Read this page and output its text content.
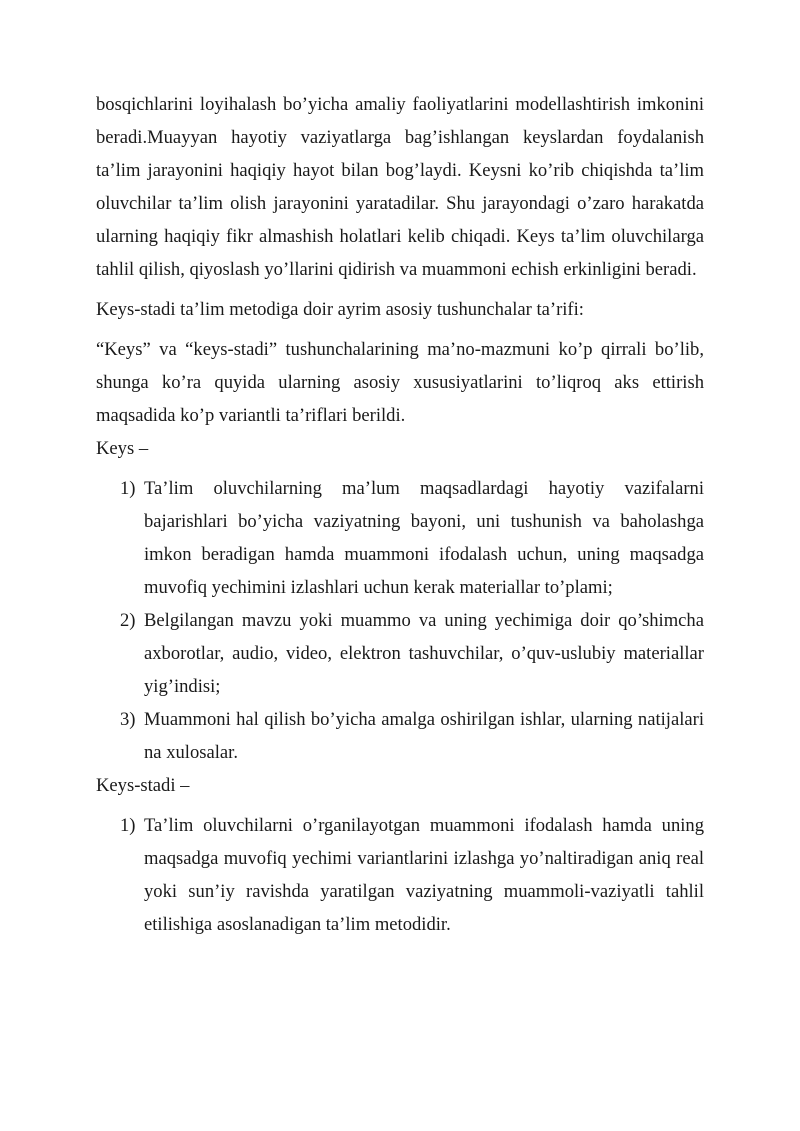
bosqichlarini loyihalash bo’yicha amaliy faoliyatlarini modellashtirish imkonini beradi.Muayyan hayotiy vaziyatlarga bag’ishlangan keyslardan foydalanish ta’lim jarayonini haqiqiy hayot bilan bog’laydi. Keysni ko’rib chiqishda ta’lim oluvchilar ta’lim olish jarayonini yaratadilar. Shu jarayondagi o’zaro harakatda ularning haqiqiy fikr almashish holatlari kelib chiqadi. Keys ta’lim oluvchilarga tahlil qilish, qiyoslash yo’llarini qidirish va muammoni echish erkinligini beradi.

Keys-stadi ta’lim metodiga doir ayrim asosiy tushunchalar ta’rifi:

“Keys” va “keys-stadi” tushunchalarining ma’no-mazmuni ko’p qirrali bo’lib, shunga ko’ra quyida ularning asosiy xususiyatlarini to’liqroq aks ettirish maqsadida ko’p variantli ta’riflari berildi.

Keys –

1) Ta’lim oluvchilarning ma’lum maqsadlardagi hayotiy vazifalarni bajarishlari bo’yicha vaziyatning bayoni, uni tushunish va baholashga imkon beradigan hamda muammoni ifodalash uchun, uning maqsadga muvofiq yechimini izlashlari uchun kerak materiallar to’plami;
2) Belgilangan mavzu yoki muammo va uning yechimiga doir qo’shimcha axborotlar, audio, video, elektron tashuvchilar, o’quv-uslubiy materiallar yig’indisi;
3) Muammoni hal qilish bo’yicha amalga oshirilgan ishlar, ularning natijalari na xulosalar.

Keys-stadi –

1) Ta’lim oluvchilarni o’rganilayotgan muammoni ifodalash hamda uning maqsadga muvofiq yechimi variantlarini izlashga yo’naltiradigan aniq real yoki sun’iy ravishda yaratilgan vaziyatning muammoli-vaziyatli tahlil etilishiga asoslanadigan ta’lim metodidir.
